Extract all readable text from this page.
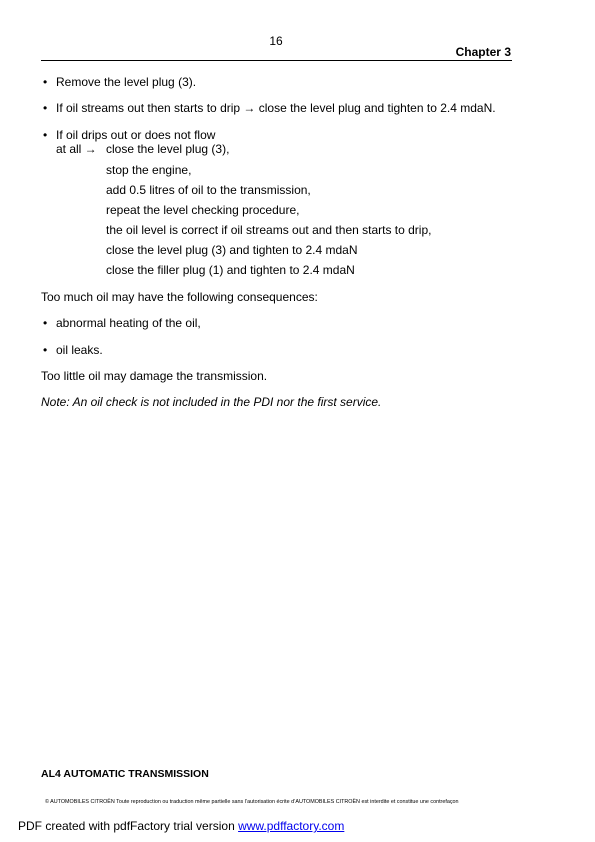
16
Chapter 3
• Remove the level plug (3).
• If oil streams out then starts to drip → close the level plug and tighten to 2.4 mdaN.
• If oil drips out or does not flow
at all → close the level plug (3),
stop the engine,
add 0.5 litres of oil to the transmission,
repeat the level checking procedure,
the oil level is correct if oil streams out and then starts to drip,
close the level plug (3) and tighten to 2.4 mdaN
close the filler plug (1) and tighten to 2.4 mdaN
Too much oil may have the following consequences:
• abnormal heating of the oil,
• oil leaks.
Too little oil may damage the transmission.
Note: An oil check is not included in the PDI nor the first service.
AL4 AUTOMATIC TRANSMISSION
© AUTOMOBILES CITROËN Toute reproduction ou traduction même partielle sans l’autorisation écrite d’AUTOMOBILES CITROËN est interdite et constitue une contrefaçon
PDF created with pdfFactory trial version www.pdffactory.com
